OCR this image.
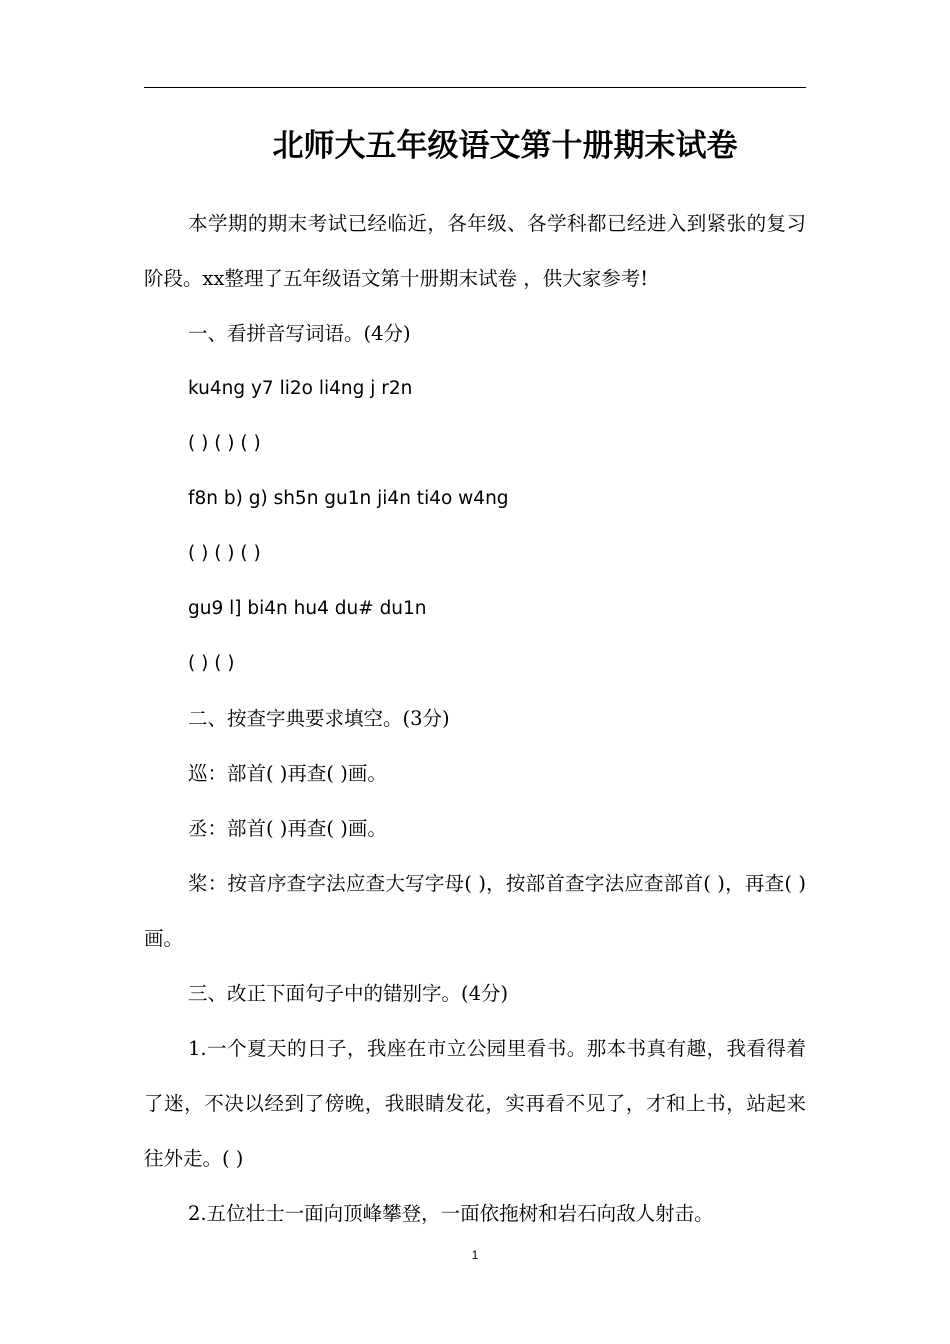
北师大五年级语文第十册期末试卷

本学期的期末考试已经临近，各年级、各学科都已经进入到紧张的复习阶段。xx整理了五年级语文第十册期末试卷 ，供大家参考!

一、看拼音写词语。(4分)

ku4ng y7 li2o li4ng j r2n

( ) ( ) ( )

f8n b) g) sh5n gu1n ji4n ti4o w4ng

( ) ( ) ( )

gu9 l] bi4n hu4 du# du1n

( ) ( )

二、按查字典要求填空。(3分)

巡：部首( )再查( )画。

丞：部首( )再查( )画。

桨：按音序查字法应查大写字母( )，按部首查字法应查部首( )，再查( )画。

三、改正下面句子中的错别字。(4分)

1.一个夏天的日子，我座在市立公园里看书。那本书真有趣，我看得着了迷，不决以经到了傍晚，我眼睛发花，实再看不见了，才和上书，站起来往外走。( )

2.五位壮士一面向顶峰攀登，一面依拖树和岩石向敌人射击。

1
